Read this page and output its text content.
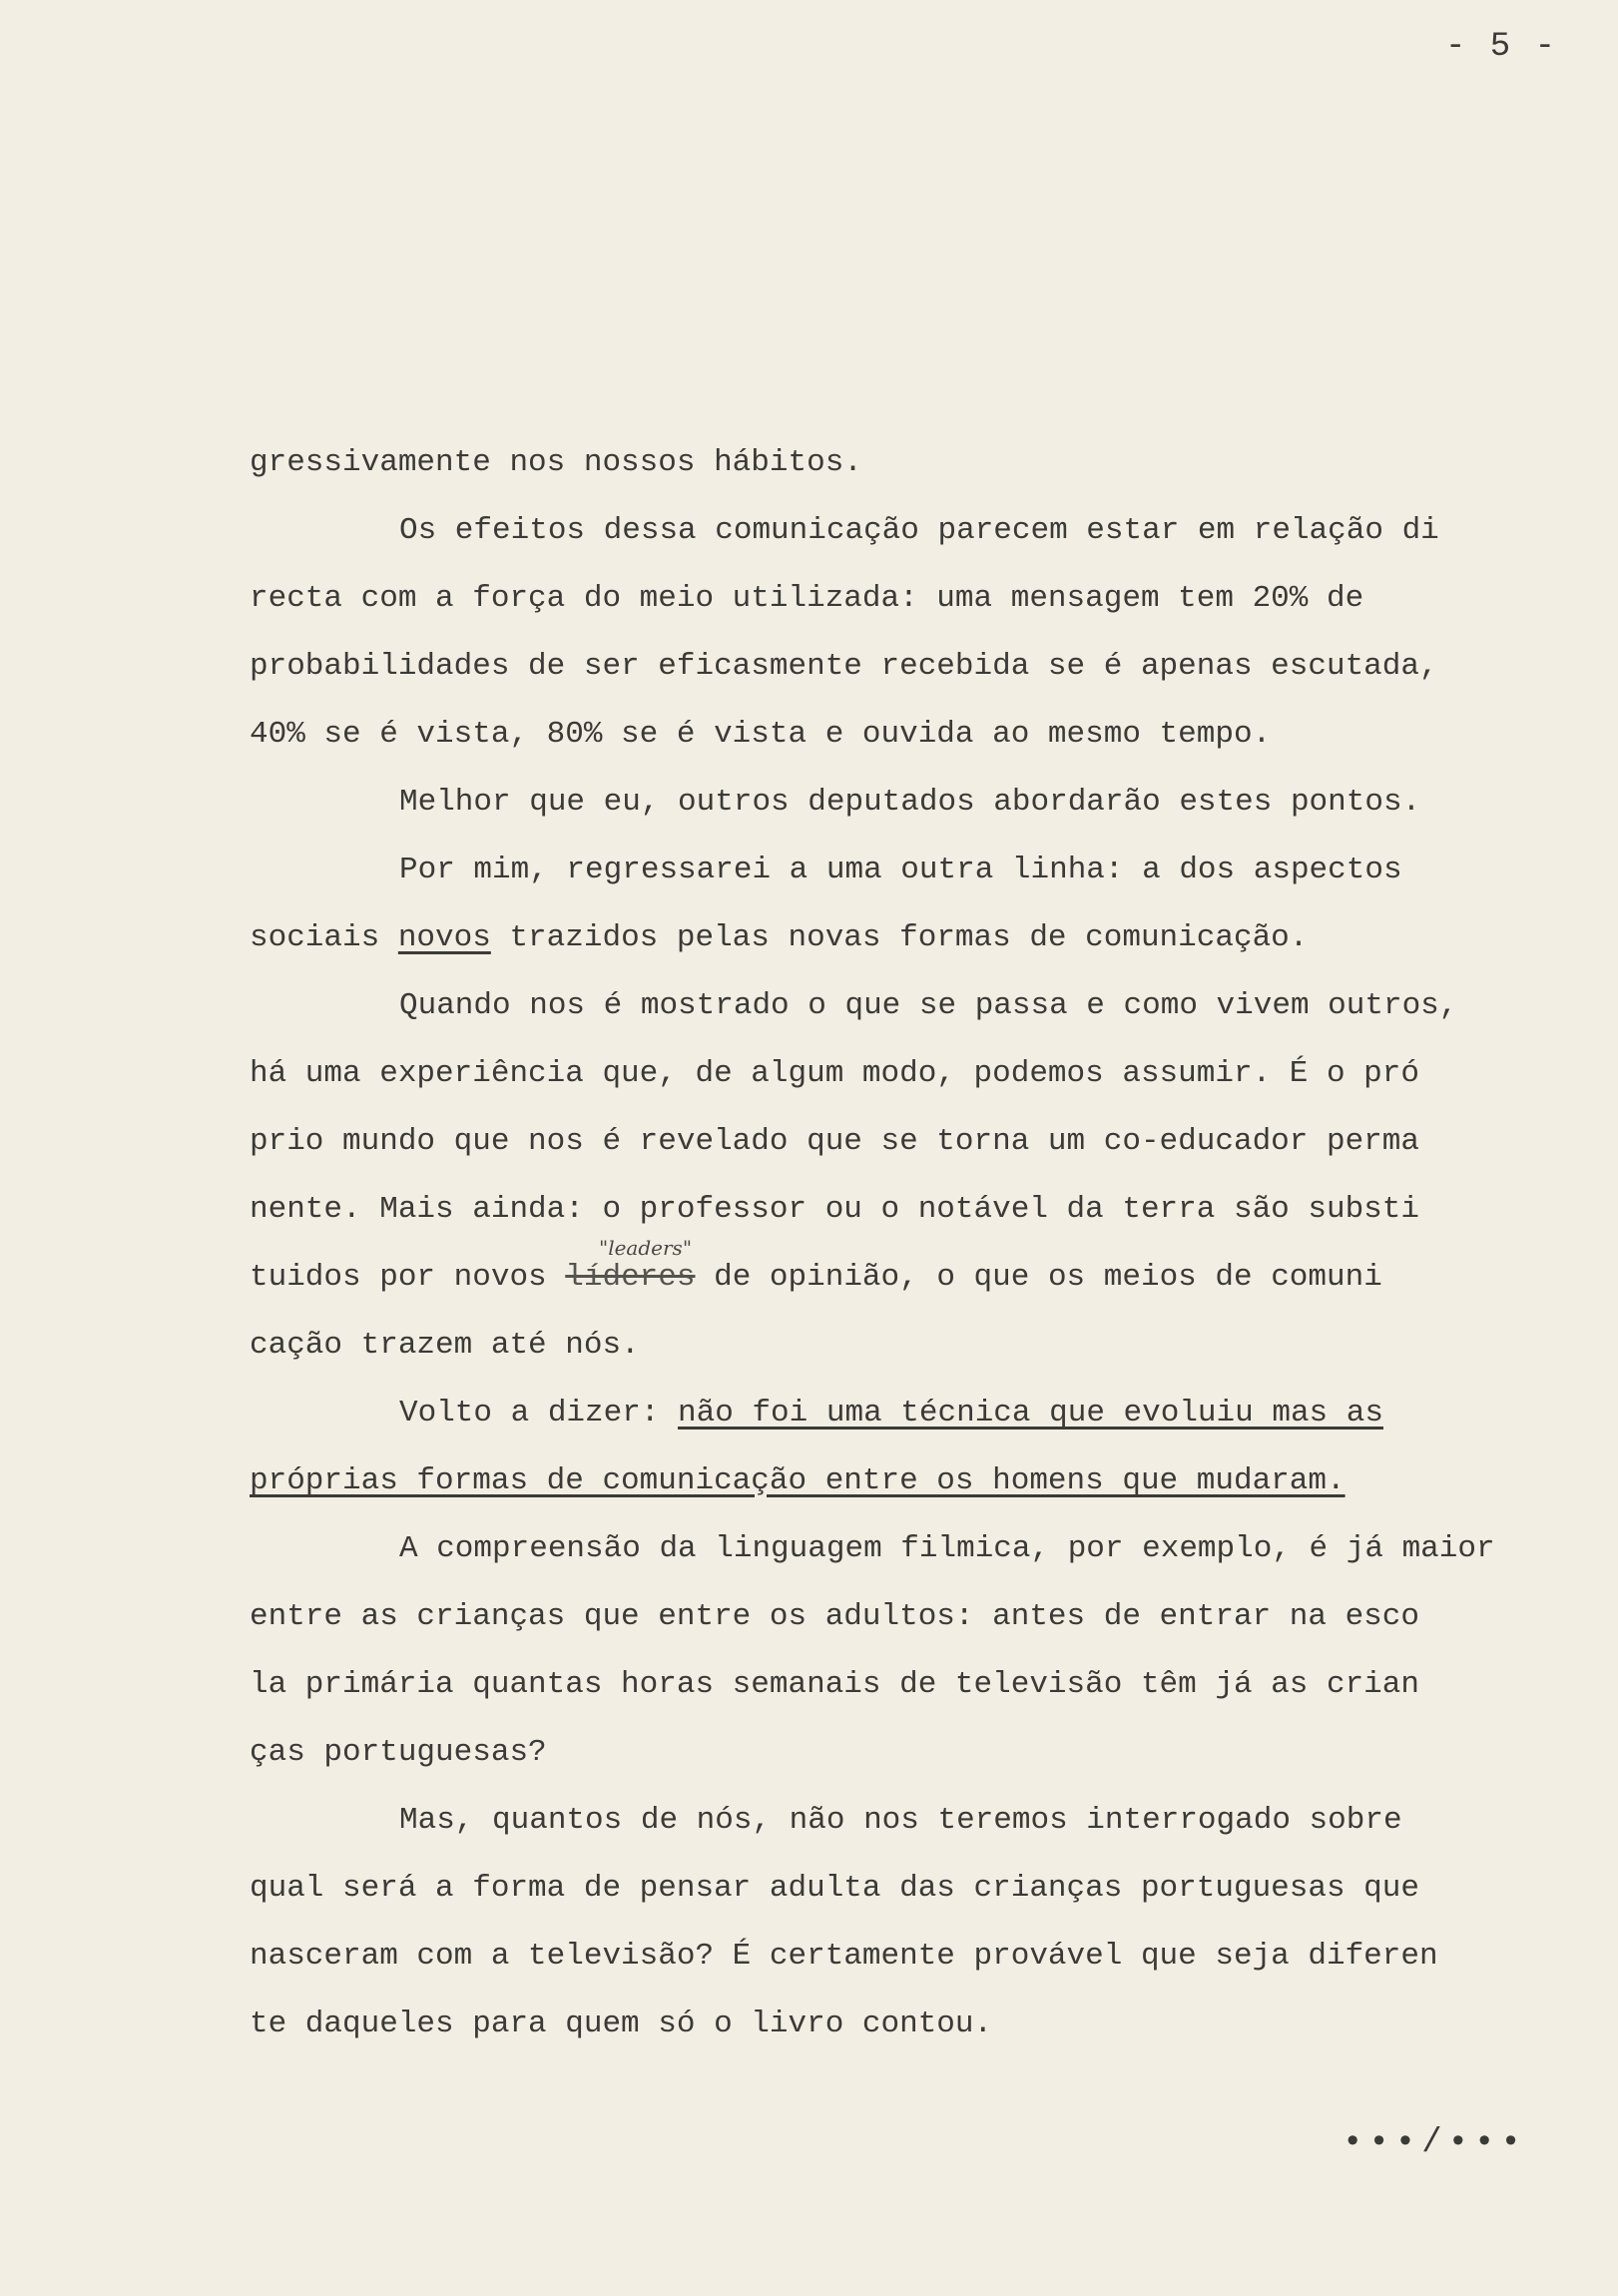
- 5 -
gressivamente nos nossos hábitos.
Os efeitos dessa comunicação parecem estar em relação di
recta com a força do meio utilizada: uma mensagem tem 20% de
probabilidades de ser eficasmente recebida se é apenas escutada,
40% se é vista, 80% se é vista e ouvida ao mesmo tempo.
Melhor que eu, outros deputados abordarão estes pontos.
Por mim, regressarei a uma outra linha: a dos aspectos
sociais novos trazidos pelas novas formas de comunicação.
Quando nos é mostrado o que se passa e como vivem outros,
há uma experiência que, de algum modo, podemos assumir. É o pró
prio mundo que nos é revelado que se torna um co-educador perma
nente. Mais ainda: o professor ou o notável da terra são substi
tuidos por novos líderes de opinião, o que os meios de comuni
"leaders"
cação trazem até nós.
Volto a dizer: não foi uma técnica que evoluiu mas as
próprias formas de comunicação entre os homens que mudaram.
A compreensão da linguagem filmica, por exemplo, é já maior
entre as crianças que entre os adultos: antes de entrar na esco
la primária quantas horas semanais de televisão têm já as crian
ças portuguesas?
Mas, quantos de nós, não nos teremos interrogado sobre
qual será a forma de pensar adulta das crianças portuguesas que
nasceram com a televisão? É certamente provável que seja diferen
te daqueles para quem só o livro contou.
•••/•••
